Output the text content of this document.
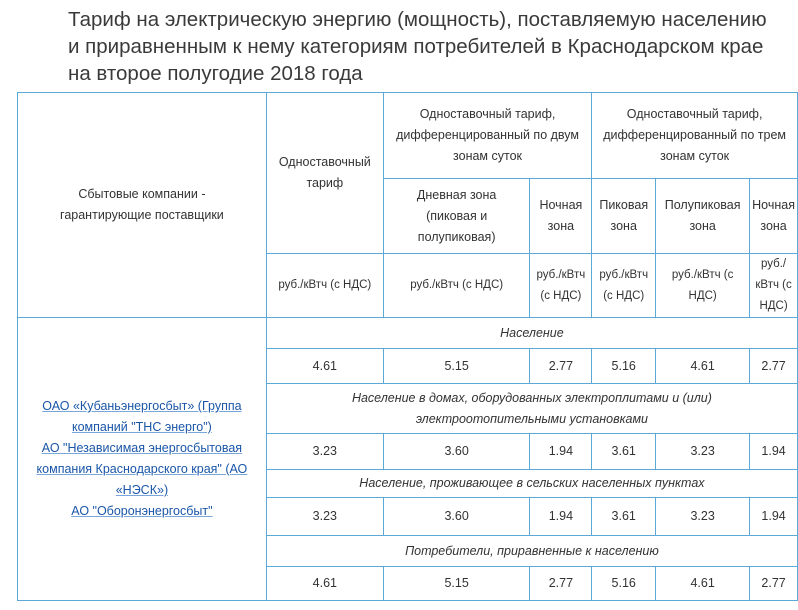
Тариф на электрическую энергию (мощность), поставляемую населению
и приравненным к нему категориям потребителей в Краснодарском крае
на второе полугодие 2018 года
Сбытовые компании - гарантирующие поставщики	Одноставочный тариф	Одноставочный тариф, дифференцированный по двум зонам суток		Одноставочный тариф, дифференцированный по трем зонам суток		
		Дневная зона (пиковая и полупиковая)	Ночная зона	Пиковая зона	Полупиковая зона	Ночная зона
	руб./кВтч (с НДС)	руб./кВтч (с НДС)	руб./кВтч (с НДС)	руб./кВтч (с НДС)	руб./кВтч (с НДС)	руб./ кВтч (с НДС)

ОАО «Кубаньэнергосбыт» (Группа компаний "ТНС энерго")
АО "Независимая энергосбытовая компания Краснодарского края" (АО «НЭСК»)
АО "Оборонэнергосбыт"	Население					
	4.61	5.15	2.77	5.16	4.61	2.77
	Население в домах, оборудованных электроплитами и (или) электроотопительными установками					
	3.23	3.60	1.94	3.61	3.23	1.94
	Население, проживающее в сельских населенных пунктах					
	3.23	3.60	1.94	3.61	3.23	1.94
	Потребители, приравненные к населению					
	4.61	5.15	2.77	5.16	4.61	2.77
